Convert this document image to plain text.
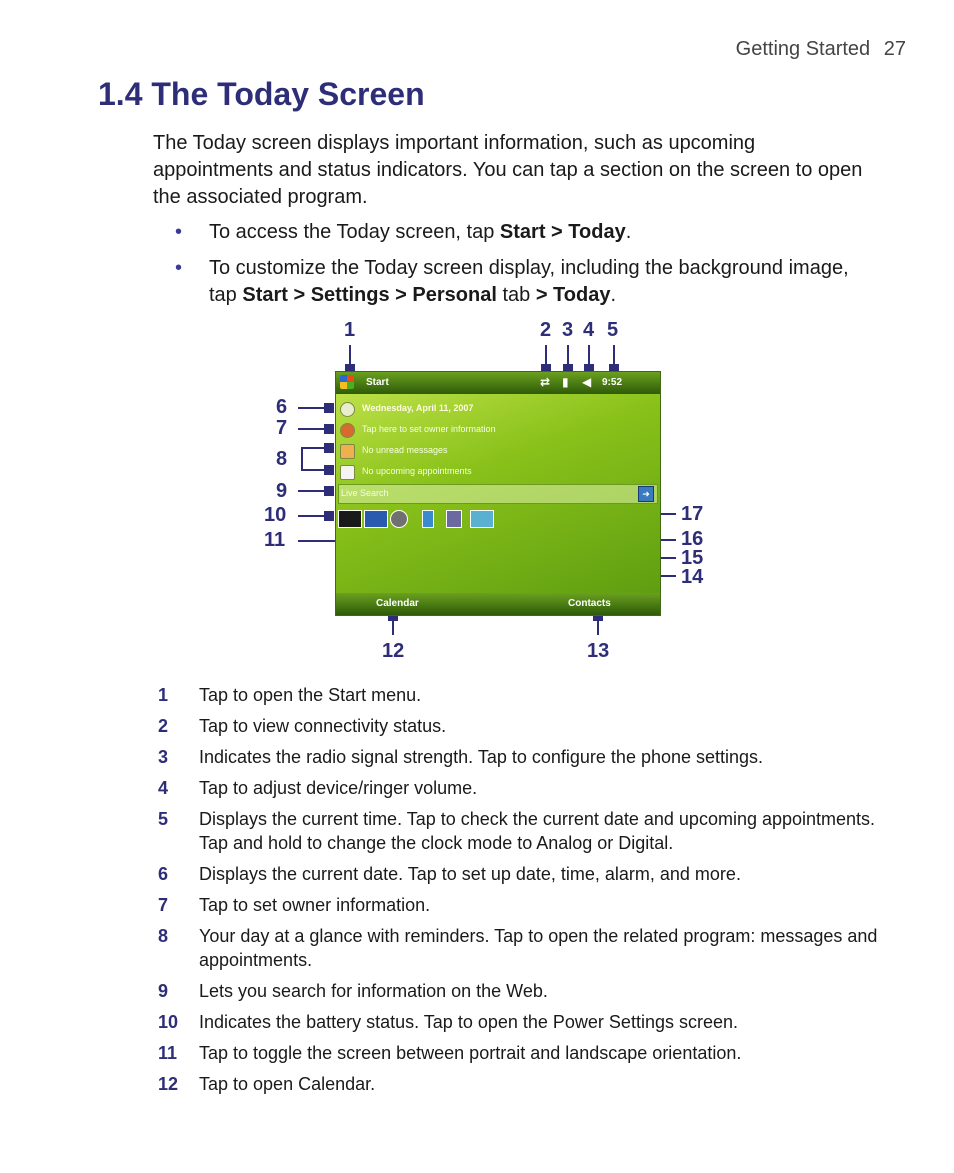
Getting Started 27
1.4 The Today Screen

The Today screen displays important information, such as upcoming appointments and status indicators. You can tap a section on the screen to open the associated program.

• To access the Today screen, tap Start > Today.
• To customize the Today screen display, including the background image, tap Start > Settings > Personal tab > Today.
1	2 3 4 5
6
7
8
9
10
11
12	13
14
15
16
17
Start	⇄ ▮ ◀ 9:52
Wednesday, April 11, 2007
Tap here to set owner information
No unread messages
No upcoming appointments
Live Search	➜
Calendar	Contacts
1 Tap to open the Start menu.
2 Tap to view connectivity status.
3 Indicates the radio signal strength. Tap to configure the phone settings.
4 Tap to adjust device/ringer volume.
5 Displays the current time. Tap to check the current date and upcoming appointments. Tap and hold to change the clock mode to Analog or Digital.
6 Displays the current date. Tap to set up date, time, alarm, and more.
7 Tap to set owner information.
8 Your day at a glance with reminders. Tap to open the related program: messages and appointments.
9 Lets you search for information on the Web.
10 Indicates the battery status. Tap to open the Power Settings screen.
11 Tap to toggle the screen between portrait and landscape orientation.
12 Tap to open Calendar.
